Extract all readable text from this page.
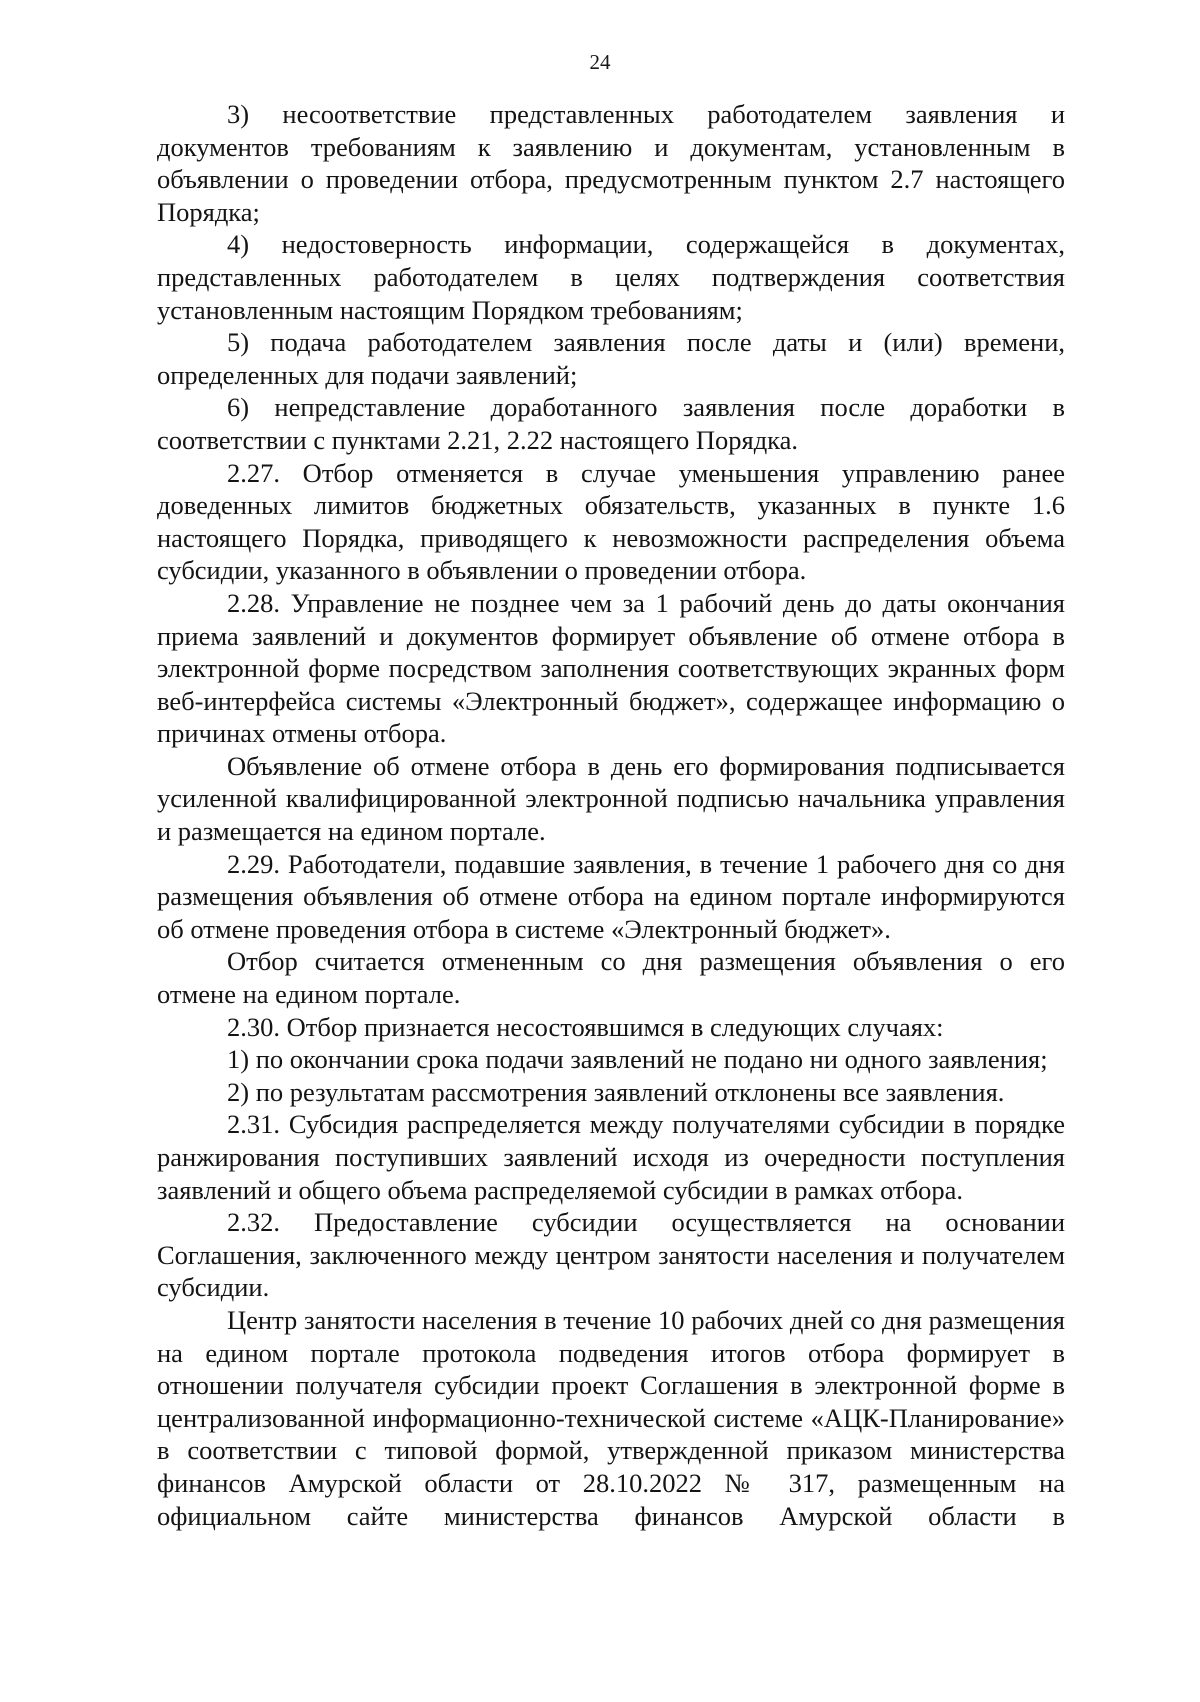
24

3) несоответствие представленных работодателем заявления и документов требованиям к заявлению и документам, установленным в объявлении о проведении отбора, предусмотренным пунктом 2.7 настоящего Порядка;

4) недостоверность информации, содержащейся в документах, представленных работодателем в целях подтверждения соответствия установленным настоящим Порядком требованиям;

5) подача работодателем заявления после даты и (или) времени, определенных для подачи заявлений;

6) непредставление доработанного заявления после доработки в соответствии с пунктами 2.21, 2.22 настоящего Порядка.

2.27. Отбор отменяется в случае уменьшения управлению ранее доведенных лимитов бюджетных обязательств, указанных в пункте 1.6 настоящего Порядка, приводящего к невозможности распределения объема субсидии, указанного в объявлении о проведении отбора.

2.28. Управление не позднее чем за 1 рабочий день до даты окончания приема заявлений и документов формирует объявление об отмене отбора в электронной форме посредством заполнения соответствующих экранных форм веб-интерфейса системы «Электронный бюджет», содержащее информацию о причинах отмены отбора.

Объявление об отмене отбора в день его формирования подписывается усиленной квалифицированной электронной подписью начальника управления и размещается на едином портале.

2.29. Работодатели, подавшие заявления, в течение 1 рабочего дня со дня размещения объявления об отмене отбора на едином портале информируются об отмене проведения отбора в системе «Электронный бюджет».

Отбор считается отмененным со дня размещения объявления о его отмене на едином портале.

2.30. Отбор признается несостоявшимся в следующих случаях:

1) по окончании срока подачи заявлений не подано ни одного заявления;

2) по результатам рассмотрения заявлений отклонены все заявления.

2.31. Субсидия распределяется между получателями субсидии в порядке ранжирования поступивших заявлений исходя из очередности поступления заявлений и общего объема распределяемой субсидии в рамках отбора.

2.32. Предоставление субсидии осуществляется на основании Соглашения, заключенного между центром занятости населения и получателем субсидии.

Центр занятости населения в течение 10 рабочих дней со дня размещения на едином портале протокола подведения итогов отбора формирует в отношении получателя субсидии проект Соглашения в электронной форме в централизованной информационно-технической системе «АЦК-Планирование» в соответствии с типовой формой, утвержденной приказом министерства финансов Амурской области от 28.10.2022 № 317, размещенным на официальном сайте министерства финансов Амурской области в
